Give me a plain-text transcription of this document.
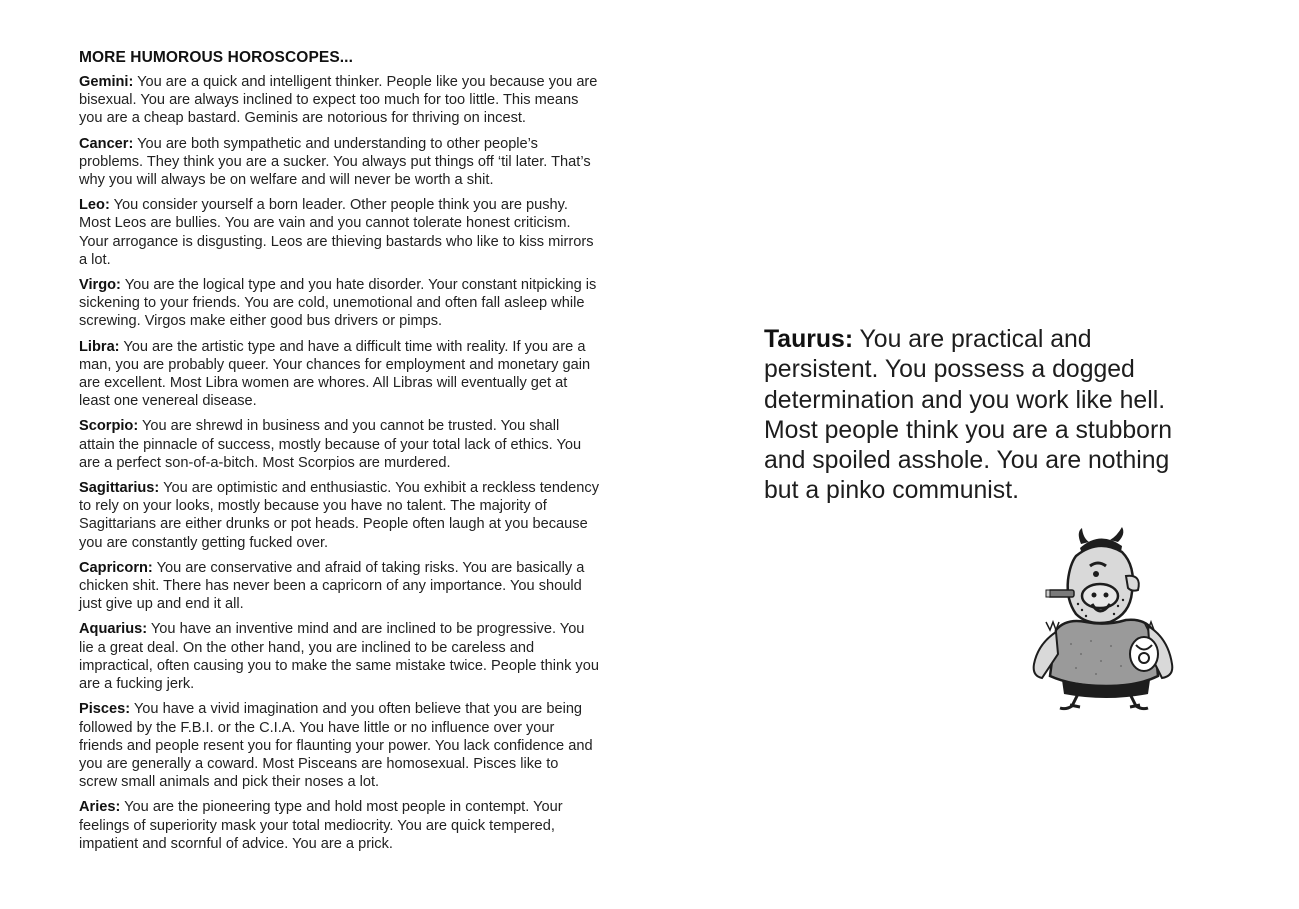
MORE HUMOROUS HOROSCOPES...

Gemini: You are a quick and intelligent thinker. People like you because you are bisexual. You are always inclined to expect too much for too little. This means you are a cheap bastard. Geminis are notorious for thriving on incest.

Cancer: You are both sympathetic and understanding to other people’s problems. They think you are a sucker. You always put things off ‘til later. That’s why you will always be on welfare and will never be worth a shit.

Leo: You consider yourself a born leader. Other people think you are pushy. Most Leos are bullies. You are vain and you cannot tolerate honest criticism. Your arrogance is disgusting. Leos are thieving bastards who like to kiss mirrors a lot.

Virgo: You are the logical type and you hate disorder. Your constant nitpicking is sickening to your friends. You are cold, unemotional and often fall asleep while screwing. Virgos make either good bus drivers or pimps.

Libra: You are the artistic type and have a difficult time with reality. If you are a man, you are probably queer. Your chances for employment and monetary gain are excellent. Most Libra women are whores. All Libras will eventually get at least one venereal disease.

Scorpio: You are shrewd in business and you cannot be trusted. You shall attain the pinnacle of success, mostly because of your total lack of ethics. You are a perfect son-of-a-bitch. Most Scorpios are murdered.

Sagittarius: You are optimistic and enthusiastic. You exhibit a reckless tendency to rely on your looks, mostly because you have no talent. The majority of Sagittarians are either drunks or pot heads. People often laugh at you because you are constantly getting fucked over.

Capricorn: You are conservative and afraid of taking risks. You are basically a chicken shit. There has never been a capricorn of any importance. You should just give up and end it all.

Aquarius: You have an inventive mind and are inclined to be progressive. You lie a great deal. On the other hand, you are inclined to be careless and impractical, often causing you to make the same mistake twice. People think you are a fucking jerk.

Pisces: You have a vivid imagination and you often believe that you are being followed by the F.B.I. or the C.I.A. You have little or no influence over your friends and people resent you for flaunting your power. You lack confidence and you are generally a coward. Most Pisceans are homosexual. Pisces like to screw small animals and pick their noses a lot.

Aries: You are the pioneering type and hold most people in contempt. Your feelings of superiority mask your total mediocrity. You are quick tempered, impatient and scornful of advice. You are a prick.

Taurus: You are practical and persistent. You possess a dogged determination and you work like hell. Most people think you are a stubborn and spoiled asshole. You are nothing but a pinko communist.
